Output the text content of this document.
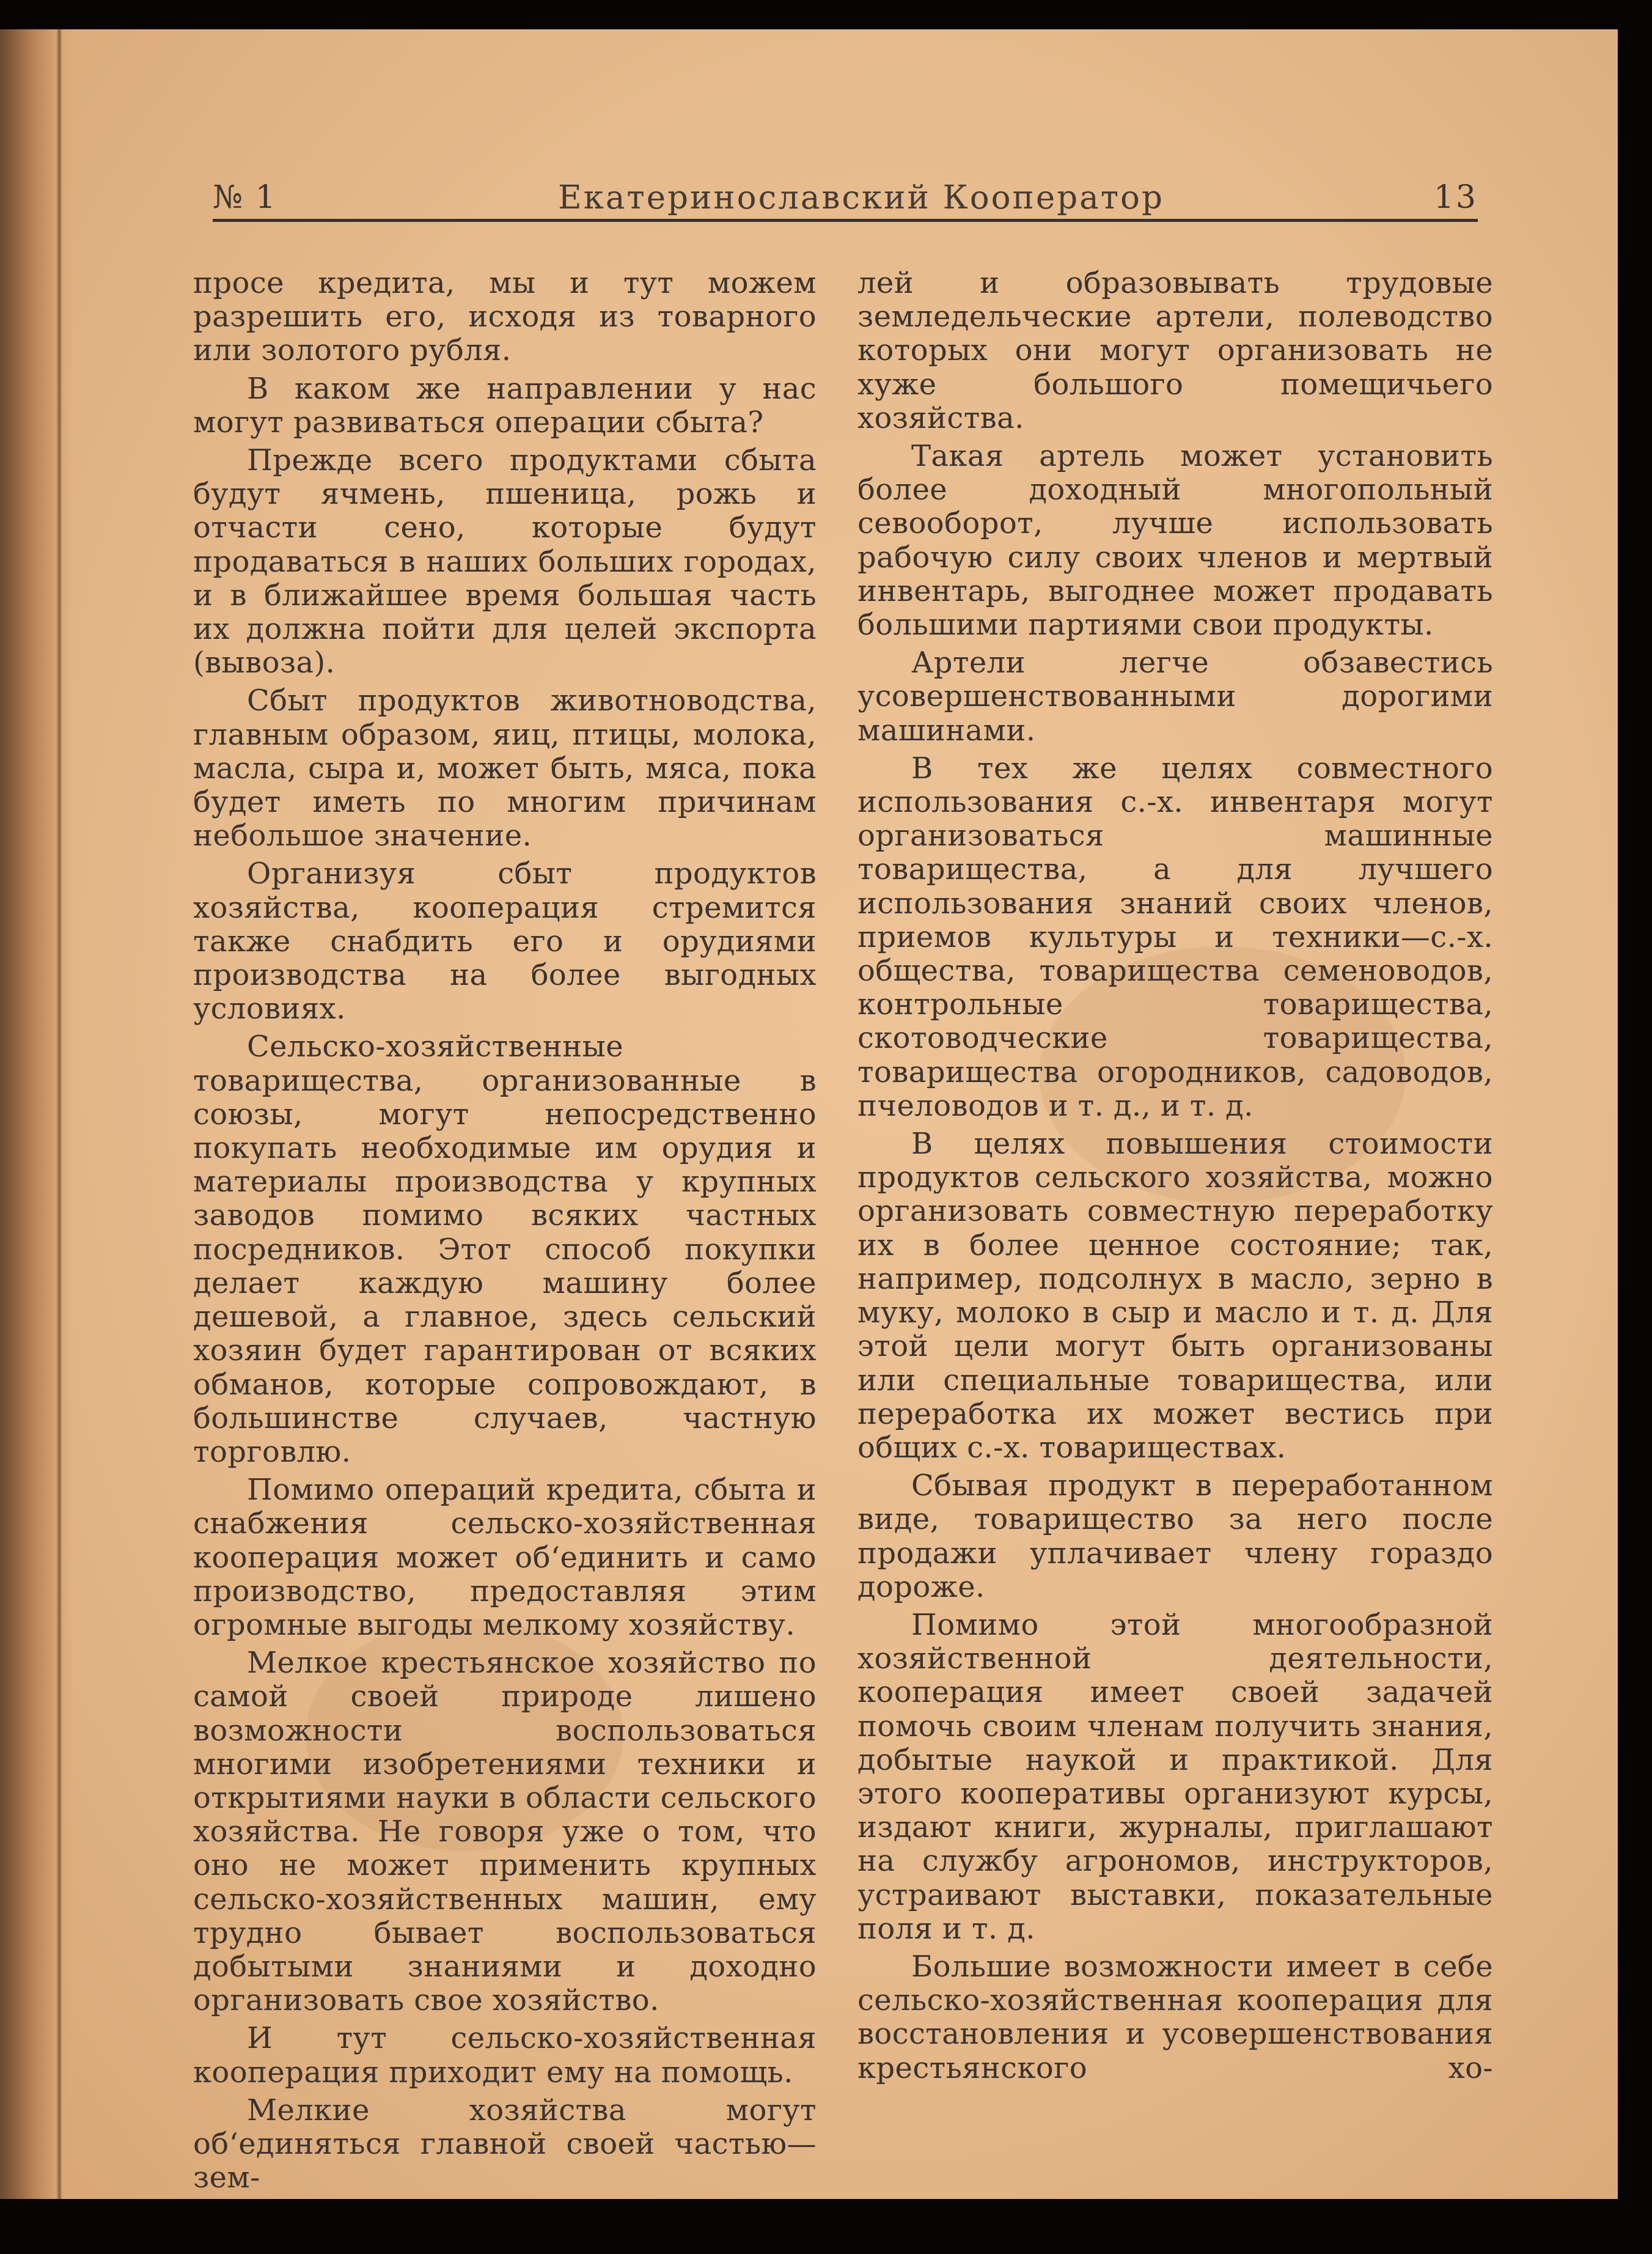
№ 1	Екатеринославский Кооператор	13

просе кредита, мы и тут можем разрешить его, исходя из товарного или золотого рубля.

В каком же направлении у нас могут развиваться операции сбыта?

Прежде всего продуктами сбыта будут ячмень, пшеница, рожь и отчасти сено, которые будут продаваться в наших больших городах, и в ближайшее время большая часть их должна пойти для целей экспорта (вывоза).

Сбыт продуктов животноводства, главным образом, яиц, птицы, молока, масла, сыра и, может быть, мяса, пока будет иметь по многим причинам небольшое значение.

Организуя сбыт продуктов хозяйства, кооперация стремится также снабдить его и орудиями производства на более выгодных условиях.

Сельско-хозяйственные товарищества, организованные в союзы, могут непосредственно покупать необходимые им орудия и материалы производства у крупных заводов помимо всяких частных посредников. Этот способ покупки делает каждую машину более дешевой, а главное, здесь сельский хозяин будет гарантирован от всяких обманов, которые сопровождают, в большинстве случаев, частную торговлю.

Помимо операций кредита, сбыта и снабжения сельско-хозяйственная кооперация может об‘единить и само производство, предоставляя этим огромные выгоды мелкому хозяйству.

Мелкое крестьянское хозяйство по самой своей природе лишено возможности воспользоваться многими изобретениями техники и открытиями науки в области сельского хозяйства. Не говоря уже о том, что оно не может применить крупных сельско-хозяйственных машин, ему трудно бывает воспользоваться добытыми знаниями и доходно организовать свое хозяйство.

И тут сельско-хозяйственная кооперация приходит ему на помощь.

Мелкие хозяйства могут об‘единяться главной своей частью—зем-

лей и образовывать трудовые земледельческие артели, полеводство которых они могут организовать не хуже большого помещичьего хозяйства.

Такая артель может установить более доходный многопольный севооборот, лучше использовать рабочую силу своих членов и мертвый инвентарь, выгоднее может продавать большими партиями свои продукты.

Артели легче обзавестись усовершенствованными дорогими машинами.

В тех же целях совместного использования с.-х. инвентаря могут организоваться машинные товарищества, а для лучшего использования знаний своих членов, приемов культуры и техники—с.-х. общества, товарищества семеноводов, контрольные товарищества, скотоводческие товарищества, товарищества огородников, садоводов, пчеловодов и т. д., и т. д.

В целях повышения стоимости продуктов сельского хозяйства, можно организовать совместную переработку их в более ценное состояние; так, например, подсолнух в масло, зерно в муку, молоко в сыр и масло и т. д. Для этой цели могут быть организованы или специальные товарищества, или переработка их может вестись при общих с.-х. товариществах.

Сбывая продукт в переработанном виде, товарищество за него после продажи уплачивает члену гораздо дороже.

Помимо этой многообразной хозяйственной деятельности, кооперация имеет своей задачей помочь своим членам получить знания, добытые наукой и практикой. Для этого кооперативы организуют курсы, издают книги, журналы, приглашают на службу агрономов, инструкторов, устраивают выставки, показательные поля и т. д.

Большие возможности имеет в себе сельско-хозяйственная кооперация для восстановления и усовершенствования крестьянского хо-
